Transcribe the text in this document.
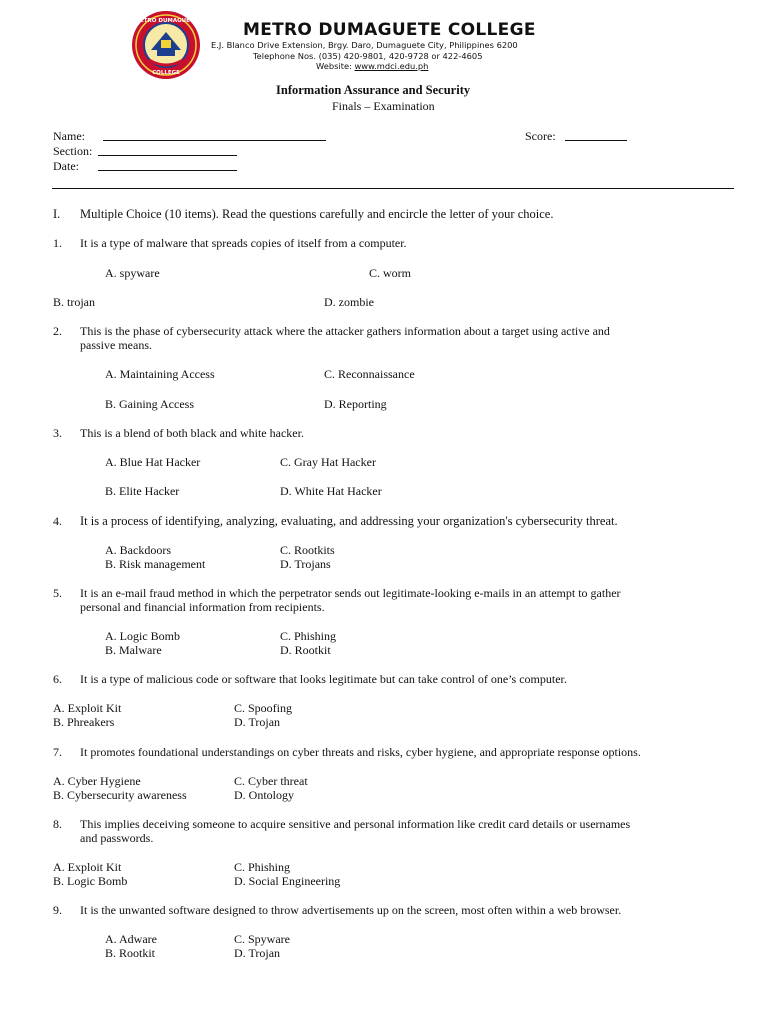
METRO DUMAGUETE
COLLEGE
METRO DUMAGUETE COLLEGE
E.J. Blanco Drive Extension, Brgy. Daro, Dumaguete City, Philippines 6200
Telephone Nos. (035) 420-9801, 420-9728 or 422-4605
Website: www.mdci.edu.ph
Information Assurance and Security
Finals – Examination
Name:	Score:
Section:
Date:
I. Multiple Choice (10 items). Read the questions carefully and encircle the letter of your choice.
1. It is a type of malware that spreads copies of itself from a computer.
A. spyware	C. worm
B. trojan	D. zombie
2. This is the phase of cybersecurity attack where the attacker gathers information about a target using active and
passive means.
A. Maintaining Access	C. Reconnaissance
B. Gaining Access	D. Reporting
3. This is a blend of both black and white hacker.
A. Blue Hat Hacker	C. Gray Hat Hacker
B. Elite Hacker	D. White Hat Hacker
4. It is a process of identifying, analyzing, evaluating, and addressing your organization's cybersecurity threat.
A. Backdoors	C. Rootkits
B. Risk management	D. Trojans
5. It is an e-mail fraud method in which the perpetrator sends out legitimate-looking e-mails in an attempt to gather
personal and financial information from recipients.
A. Logic Bomb	C. Phishing
B. Malware	D. Rootkit
6. It is a type of malicious code or software that looks legitimate but can take control of one’s computer.
A. Exploit Kit	C. Spoofing
B. Phreakers	D. Trojan
7. It promotes foundational understandings on cyber threats and risks, cyber hygiene, and appropriate response options.
A. Cyber Hygiene	C. Cyber threat
B. Cybersecurity awareness	D. Ontology
8. This implies deceiving someone to acquire sensitive and personal information like credit card details or usernames
and passwords.
A. Exploit Kit	C. Phishing
B. Logic Bomb	D. Social Engineering
9. It is the unwanted software designed to throw advertisements up on the screen, most often within a web browser.
A. Adware	C. Spyware
B. Rootkit	D. Trojan
